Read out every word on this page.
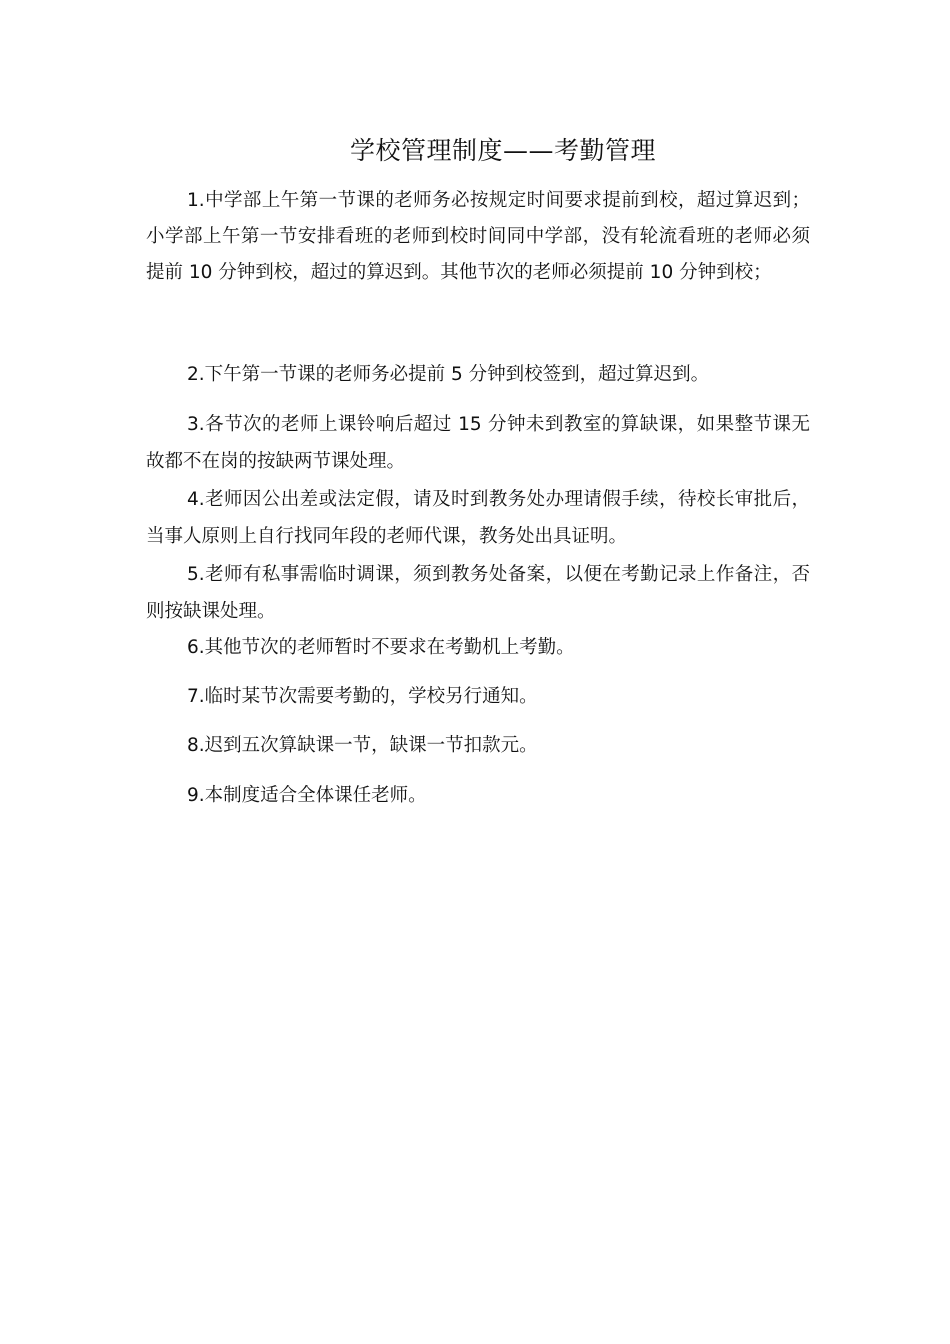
学校管理制度——考勤管理

1.中学部上午第一节课的老师务必按规定时间要求提前到校，超过算迟到；小学部上午第一节安排看班的老师到校时间同中学部，没有轮流看班的老师必须提前 10 分钟到校，超过的算迟到。其他节次的老师必须提前 10 分钟到校；

2.下午第一节课的老师务必提前 5 分钟到校签到，超过算迟到。

3.各节次的老师上课铃响后超过 15 分钟未到教室的算缺课，如果整节课无故都不在岗的按缺两节课处理。

4.老师因公出差或法定假，请及时到教务处办理请假手续，待校长审批后，当事人原则上自行找同年段的老师代课，教务处出具证明。

5.老师有私事需临时调课，须到教务处备案，以便在考勤记录上作备注，否则按缺课处理。

6.其他节次的老师暂时不要求在考勤机上考勤。

7.临时某节次需要考勤的，学校另行通知。

8.迟到五次算缺课一节，缺课一节扣款元。

9.本制度适合全体课任老师。
